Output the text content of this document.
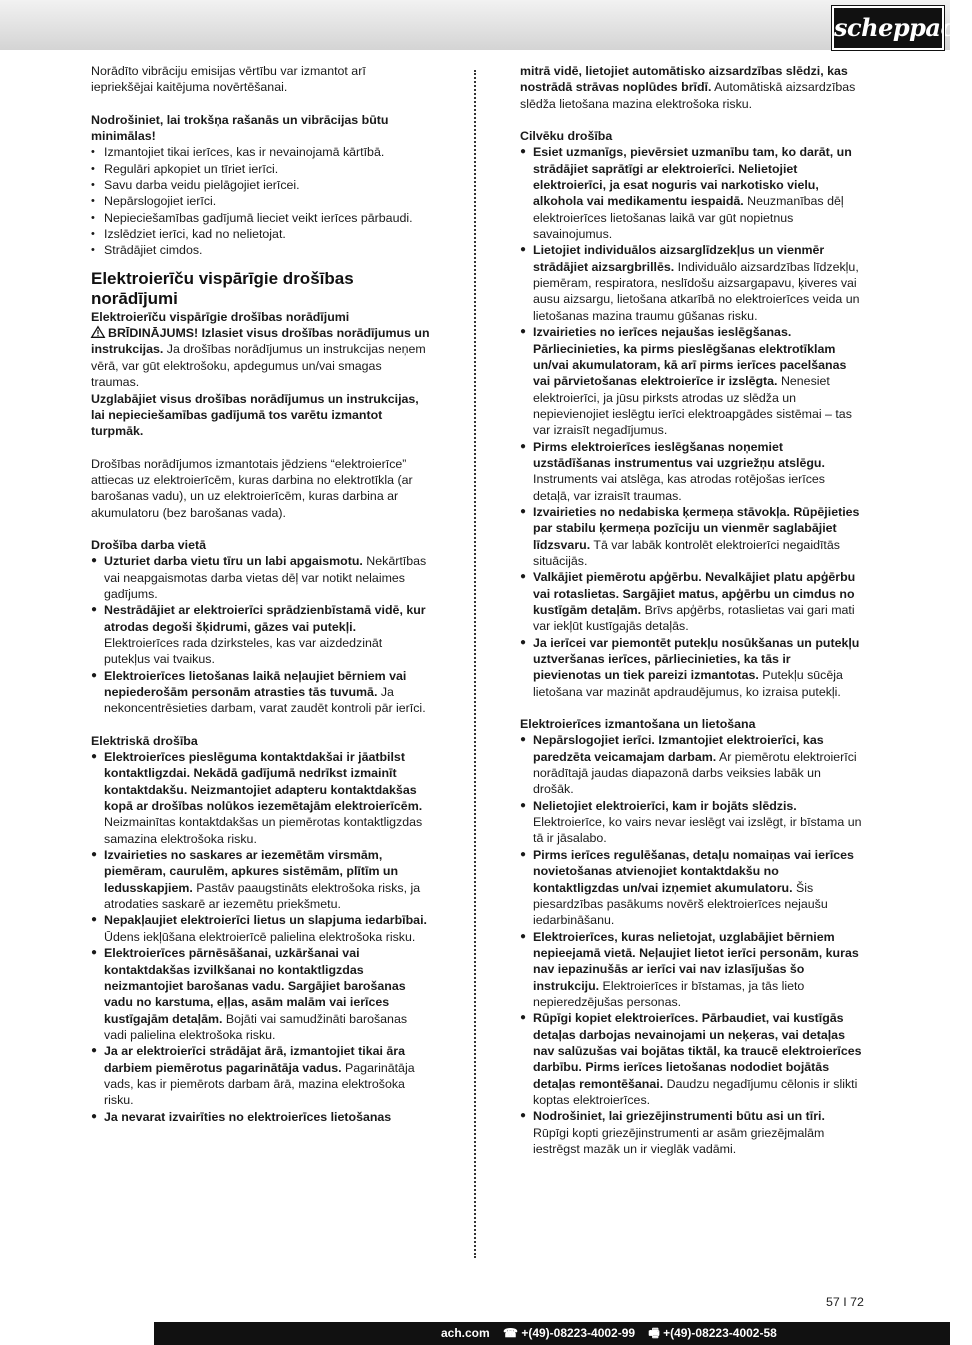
scheppach

Norādīto vibrāciju emisijas vērtību var izmantot arī iepriekšējai kaitējuma novērtēšanai.

Nodrošiniet, lai trokšņa rašanās un vibrācijas būtu minimālas!

• Izmantojiet tikai ierīces, kas ir nevainojamā kārtībā.
• Regulāri apkopiet un tīriet ierīci.
• Savu darba veidu pielāgojiet ierīcei.
• Nepārslogojiet ierīci.
• Nepieciešamības gadījumā lieciet veikt ierīces pārbaudi.
• Izslēdziet ierīci, kad no nelietojat.
• Strādājiet cimdos.

Elektroierīču vispārīgie drošības norādījumi

Elektroierīču vispārīgie drošības norādījumi

BRĪDINĀJUMS! Izlasiet visus drošības norādījumus un instrukcijas. Ja drošības norādījumus un instrukcijas neņem vērā, var gūt elektrošoku, apdegumus un/vai smagas traumas.

Uzglabājiet visus drošības norādījumus un instrukcijas, lai nepieciešamības gadījumā tos varētu izmantot turpmāk.

Drošības norādījumos izmantotais jēdziens “elektroierīce” attiecas uz elektroierīcēm, kuras darbina no elektrotīkla (ar barošanas vadu), un uz elektroierīcēm, kuras darbina ar akumulatoru (bez barošanas vada).

Drošība darba vietā

● Uzturiet darba vietu tīru un labi apgaismotu. Nekārtības vai neapgaismotas darba vietas dēļ var notikt nelaimes gadījums.
● Nestrādājiet ar elektroierīci sprādzienbīstamā vidē, kur atrodas degoši šķidrumi, gāzes vai putekļi. Elektroierīces rada dzirksteles, kas var aizdedzināt putekļus vai tvaikus.
● Elektroierīces lietošanas laikā neļaujiet bērniem vai nepiederošām personām atrasties tās tuvumā. Ja nekoncentrēsieties darbam, varat zaudēt kontroli pār ierīci.

Elektriskā drošība

● Elektroierīces pieslēguma kontaktdakšai ir jāatbilst kontaktligzdai. Nekādā gadījumā nedrīkst izmainīt kontaktdakšu. Neizmantojiet adapteru kontaktdakšas kopā ar drošības nolūkos iezemētajām elektroierīcēm. Neizmainītas kontaktdakšas un piemērotas kontaktligzdas samazina elektrošoka risku.
● Izvairieties no saskares ar iezemētām virsmām, piemēram, caurulēm, apkures sistēmām, plītīm un ledusskapjiem. Pastāv paaugstināts elektrošoka risks, ja atrodaties saskarē ar iezemētu priekšmetu.
● Nepakļaujiet elektroierīci lietus un slapjuma iedarbībai. Ūdens iekļūšana elektroierīcē palielina elektrošoka risku.
● Elektroierīces pārnēsāšanai, uzkāršanai vai kontaktdakšas izvilkšanai no kontaktligzdas neizmantojiet barošanas vadu. Sargājiet barošanas vadu no karstuma, eļļas, asām malām vai ierīces kustīgajām detaļām. Bojāti vai samudžināti barošanas vadi palielina elektrošoka risku.
● Ja ar elektroierīci strādājat ārā, izmantojiet tikai āra darbiem piemērotus pagarinātāja vadus. Pagarinātāja vads, kas ir piemērots darbam ārā, mazina elektrošoka risku.
● Ja nevarat izvairīties no elektroierīces lietošanas

mitrā vidē, lietojiet automātisko aizsardzības slēdzi, kas nostrādā strāvas noplūdes brīdī. Automātiskā aizsardzības slēdža lietošana mazina elektrošoka risku.

Cilvēku drošība

● Esiet uzmanīgs, pievērsiet uzmanību tam, ko darāt, un strādājiet saprātīgi ar elektroierīci. Nelietojiet elektroierīci, ja esat noguris vai narkotisko vielu, alkohola vai medikamentu iespaidā. Neuzmanības dēļ elektroierīces lietošanas laikā var gūt nopietnus savainojumus.
● Lietojiet individuālos aizsarglīdzekļus un vienmēr strādājiet aizsargbrillēs. Individuālo aizsardzības līdzekļu, piemēram, respiratora, neslīdošu aizsargapavu, ķiveres vai ausu aizsargu, lietošana atkarībā no elektroierīces veida un lietošanas mazina traumu gūšanas risku.
● Izvairieties no ierīces nejaušas ieslēgšanas. Pārliecinieties, ka pirms pieslēgšanas elektrotīklam un/vai akumulatoram, kā arī pirms ierīces pacelšanas vai pārvietošanas elektroierīce ir izslēgta. Nenesiet elektroierīci, ja jūsu pirksts atrodas uz slēdža un nepievienojiet ieslēgtu ierīci elektroapgādes sistēmai – tas var izraisīt negadījumus.
● Pirms elektroierīces ieslēgšanas noņemiet uzstādīšanas instrumentus vai uzgriežņu atslēgu. Instruments vai atslēga, kas atrodas rotējošas ierīces detaļā, var izraisīt traumas.
● Izvairieties no nedabiska ķermeņa stāvokļa. Rūpējieties par stabilu ķermeņa pozīciju un vienmēr saglabājiet līdzsvaru. Tā var labāk kontrolēt elektroierīci negaidītās situācijās.
● Valkājiet piemērotu apģērbu. Nevalkājiet platu apģērbu vai rotaslietas. Sargājiet matus, apģērbu un cimdus no kustīgām detaļām. Brīvs apģērbs, rotaslietas vai gari mati var iekļūt kustīgajās detaļās.
● Ja ierīcei var piemontēt putekļu nosūkšanas un putekļu uztveršanas ierīces, pārliecinieties, ka tās ir pievienotas un tiek pareizi izmantotas. Putekļu sūcēja lietošana var mazināt apdraudējumus, ko izraisa putekļi.

Elektroierīces izmantošana un lietošana

● Nepārslogojiet ierīci. Izmantojiet elektroierīci, kas paredzēta veicamajam darbam. Ar piemērotu elektroierīci norādītajā jaudas diapazonā darbs veiksies labāk un drošāk.
● Nelietojiet elektroierīci, kam ir bojāts slēdzis. Elektroierīce, ko vairs nevar ieslēgt vai izslēgt, ir bīstama un tā ir jāsalabo.
● Pirms ierīces regulēšanas, detaļu nomaiņas vai ierīces novietošanas atvienojiet kontaktdakšu no kontaktligzdas un/vai izņemiet akumulatoru. Šis piesardzības pasākums novērš elektroierīces nejaušu iedarbināšanu.
● Elektroierīces, kuras nelietojat, uzglabājiet bērniem nepieejamā vietā. Neļaujiet lietot ierīci personām, kuras nav iepazinušās ar ierīci vai nav izlasījušas šo instrukciju. Elektroierīces ir bīstamas, ja tās lieto nepieredzējušas personas.
● Rūpīgi kopiet elektroierīces. Pārbaudiet, vai kustīgās detaļas darbojas nevainojami un neķeras, vai detaļas nav salūzušas vai bojātas tiktāl, ka traucē elektroierīces darbību. Pirms ierīces lietošanas nododiet bojātās detaļas remontēšanai. Daudzu negadījumu cēlonis ir slikti koptas elektroierīces.
● Nodrošiniet, lai griezējinstrumenti būtu asi un tīri. Rūpīgi kopti griezējinstrumenti ar asām griezējmalām iestrēgst mazāk un ir vieglāk vadāmi.
57 I 72
ach.com ☎ +(49)-08223-4002-99 🖷 +(49)-08223-4002-58
